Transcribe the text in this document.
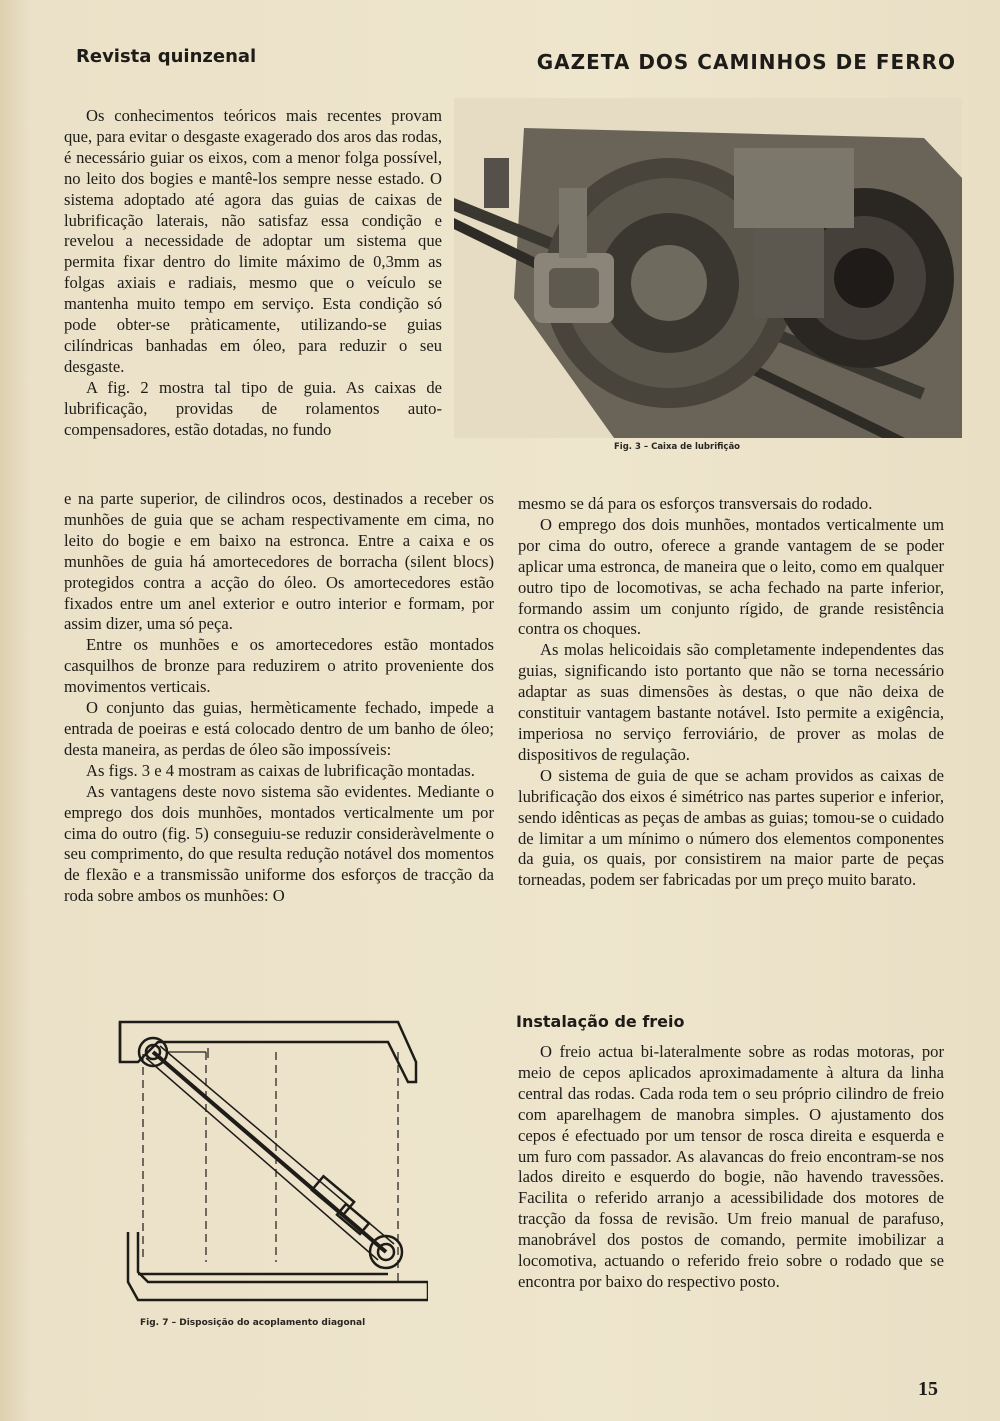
Revista quinzenal	GAZETA DOS CAMINHOS DE FERRO

Os conhecimentos teóricos mais recentes provam que, para evitar o desgaste exagerado dos aros das rodas, é necessário guiar os eixos, com a menor folga possível, no leito dos bogies e mantê-los sempre nesse estado. O sistema adoptado até agora das guias de caixas de lubrificação laterais, não satisfaz essa condição e revelou a necessidade de adoptar um sistema que permita fixar dentro do limite máximo de 0,3mm as folgas axiais e radiais, mesmo que o veículo se mantenha muito tempo em serviço. Esta condição só pode obter-se pràticamente, utilizando-se guias cilíndricas banhadas em óleo, para reduzir o seu desgaste.

A fig. 2 mostra tal tipo de guia. As caixas de lubrificação, providas de rolamentos auto-compensadores, estão dotadas, no fundo

e na parte superior, de cilindros ocos, destinados a receber os munhões de guia que se acham respectivamente em cima, no leito do bogie e em baixo na estronca. Entre a caixa e os munhões de guia há amortecedores de borracha (silent blocs) protegidos contra a acção do óleo. Os amortecedores estão fixados entre um anel exterior e outro interior e formam, por assim dizer, uma só peça.

Entre os munhões e os amortecedores estão montados casquilhos de bronze para reduzirem o atrito proveniente dos movimentos verticais.

O conjunto das guias, hermèticamente fechado, impede a entrada de poeiras e está colocado dentro de um banho de óleo; desta maneira, as perdas de óleo são impossíveis:

As figs. 3 e 4 mostram as caixas de lubrificação montadas.

As vantagens deste novo sistema são evidentes. Mediante o emprego dos dois munhões, montados verticalmente um por cima do outro (fig. 5) conseguiu-se reduzir consideràvelmente o seu comprimento, do que resulta redução notável dos momentos de flexão e a transmissão uniforme dos esforços de tracção da roda sobre ambos os munhões: O

Fig. 3 – Caixa de lubrifição

mesmo se dá para os esforços transversais do rodado.

O emprego dos dois munhões, montados verticalmente um por cima do outro, oferece a grande vantagem de se poder aplicar uma estronca, de maneira que o leito, como em qualquer outro tipo de locomotivas, se acha fechado na parte inferior, formando assim um conjunto rígido, de grande resistência contra os choques.

As molas helicoidais são completamente independentes das guias, significando isto portanto que não se torna necessário adaptar as suas dimensões às destas, o que não deixa de constituir vantagem bastante notável. Isto permite a exigência, imperiosa no serviço ferroviário, de prover as molas de dispositivos de regulação.

O sistema de guia de que se acham providos as caixas de lubrificação dos eixos é simétrico nas partes superior e inferior, sendo idênticas as peças de ambas as guias; tomou-se o cuidado de limitar a um mínimo o número dos elementos componentes da guia, os quais, por consistirem na maior parte de peças torneadas, podem ser fabricadas por um preço muito barato.

Instalação de freio

O freio actua bi-lateralmente sobre as rodas motoras, por meio de cepos aplicados aproximadamente à altura da linha central das rodas. Cada roda tem o seu próprio cilindro de freio com aparelhagem de manobra simples. O ajustamento dos cepos é efectuado por um tensor de rosca direita e esquerda e um furo com passador. As alavancas do freio encontram-se nos lados direito e esquerdo do bogie, não havendo travessões. Facilita o referido arranjo a acessibilidade dos motores de tracção da fossa de revisão. Um freio manual de parafuso, manobrável dos postos de comando, permite imobilizar a locomotiva, actuando o referido freio sobre o rodado que se encontra por baixo do respectivo posto.

Fig. 7 – Disposição do acoplamento diagonal
15
